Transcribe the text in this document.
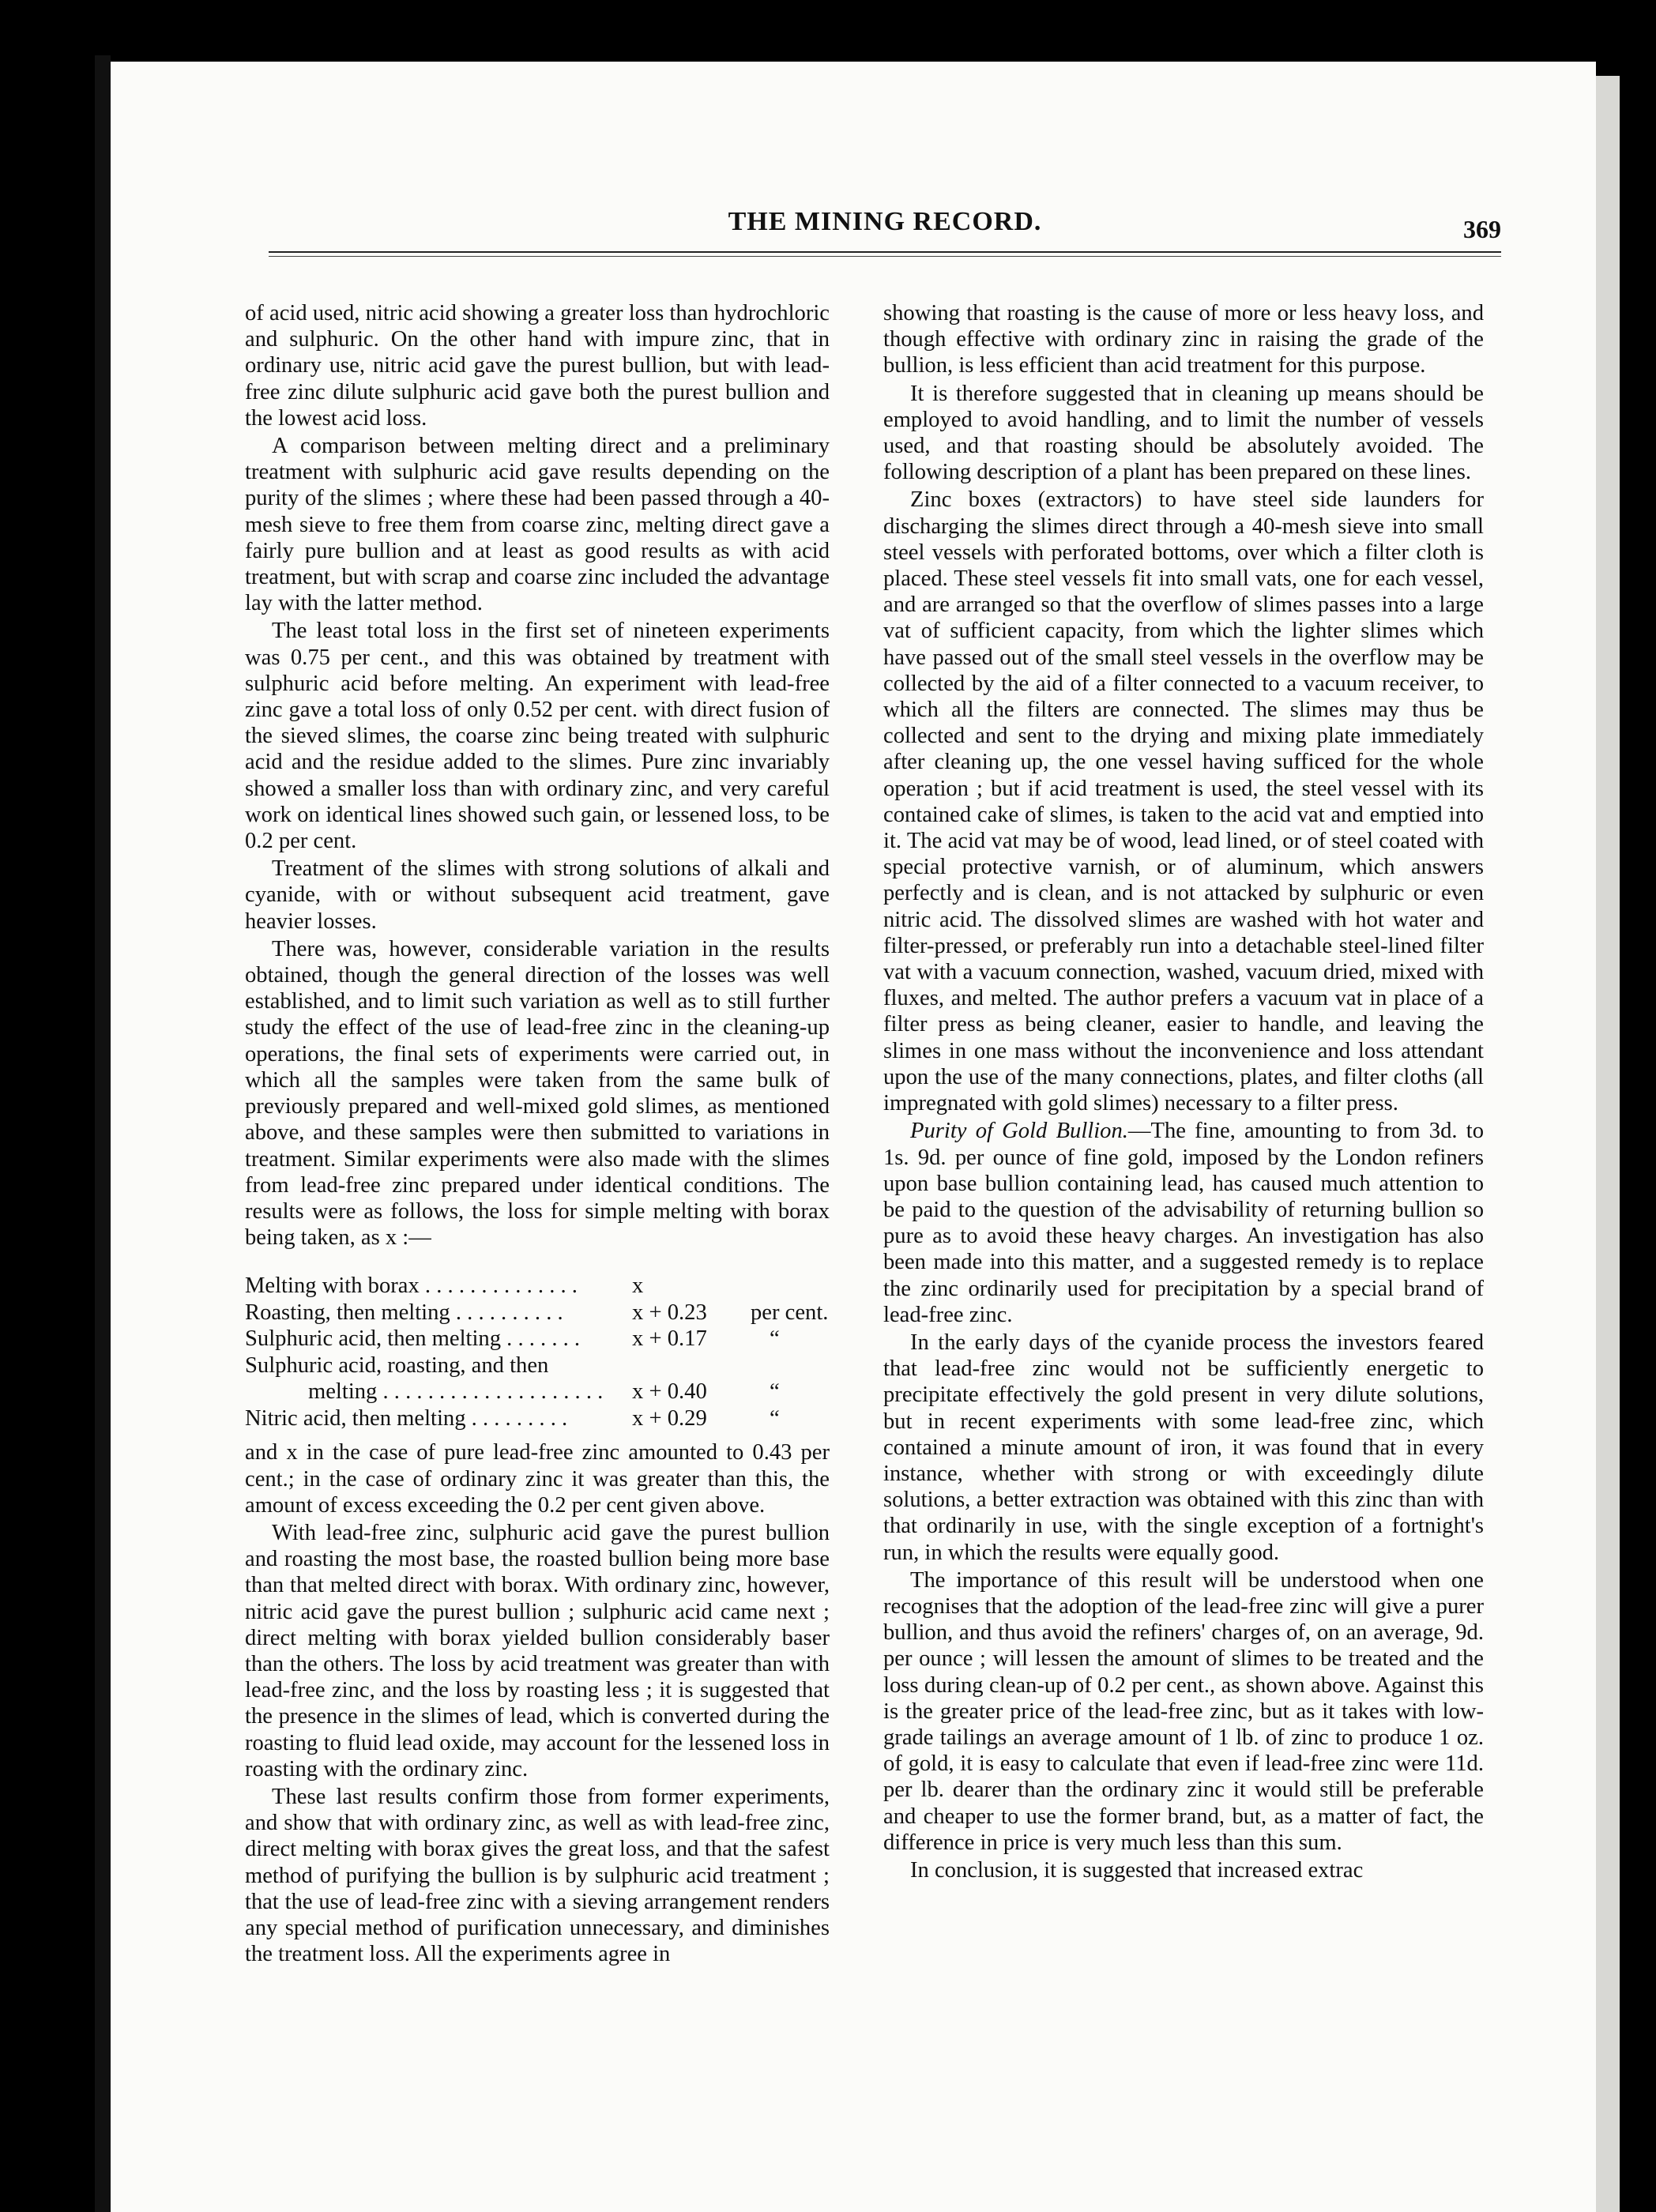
THE MINING RECORD.	369

of acid used, nitric acid showing a greater loss than hydrochloric and sulphuric. On the other hand with impure zinc, that in ordinary use, nitric acid gave the purest bullion, but with lead-free zinc dilute sulphuric acid gave both the purest bullion and the lowest acid loss.

A comparison between melting direct and a preliminary treatment with sulphuric acid gave results depending on the purity of the slimes ; where these had been passed through a 40-mesh sieve to free them from coarse zinc, melting direct gave a fairly pure bullion and at least as good results as with acid treatment, but with scrap and coarse zinc included the advantage lay with the latter method.

The least total loss in the first set of nineteen experiments was 0.75 per cent., and this was obtained by treatment with sulphuric acid before melting. An experiment with lead-free zinc gave a total loss of only 0.52 per cent. with direct fusion of the sieved slimes, the coarse zinc being treated with sulphuric acid and the residue added to the slimes. Pure zinc invariably showed a smaller loss than with ordinary zinc, and very careful work on identical lines showed such gain, or lessened loss, to be 0.2 per cent.

Treatment of the slimes with strong solutions of alkali and cyanide, with or without subsequent acid treatment, gave heavier losses.

There was, however, considerable variation in the results obtained, though the general direction of the losses was well established, and to limit such variation as well as to still further study the effect of the use of lead-free zinc in the cleaning-up operations, the final sets of experiments were carried out, in which all the samples were taken from the same bulk of previously prepared and well-mixed gold slimes, as mentioned above, and these samples were then submitted to variations in treatment. Similar experiments were also made with the slimes from lead-free zinc prepared under identical conditions. The results were as follows, the loss for simple melting with borax being taken, as x :—

Melting with borax . . . . . . . . . . . . . . x
Roasting, then melting . . . . . . . . . .	x + 0.23 per cent.
Sulphuric acid, then melting . . . . . . . x + 0.17	“
Sulphuric acid, roasting, and then
melting . . . . . . . . . . . . . . . . . . . . x + 0.40	“
Nitric acid, then melting . . . . . . . . .	x + 0.29	“

and x in the case of pure lead-free zinc amounted to 0.43 per cent.; in the case of ordinary zinc it was greater than this, the amount of excess exceeding the 0.2 per cent given above.

With lead-free zinc, sulphuric acid gave the purest bullion and roasting the most base, the roasted bullion being more base than that melted direct with borax. With ordinary zinc, however, nitric acid gave the purest bullion ; sulphuric acid came next ; direct melting with borax yielded bullion considerably baser than the others. The loss by acid treatment was greater than with lead-free zinc, and the loss by roasting less ; it is suggested that the presence in the slimes of lead, which is converted during the roasting to fluid lead oxide, may account for the lessened loss in roasting with the ordinary zinc.

These last results confirm those from former experiments, and show that with ordinary zinc, as well as with lead-free zinc, direct melting with borax gives the great loss, and that the safest method of purifying the bullion is by sulphuric acid treatment ; that the use of lead-free zinc with a sieving arrangement renders any special method of purification unnecessary, and diminishes the treatment loss. All the experiments agree in

showing that roasting is the cause of more or less heavy loss, and though effective with ordinary zinc in raising the grade of the bullion, is less efficient than acid treatment for this purpose.

It is therefore suggested that in cleaning up means should be employed to avoid handling, and to limit the number of vessels used, and that roasting should be absolutely avoided. The following description of a plant has been prepared on these lines.

Zinc boxes (extractors) to have steel side launders for discharging the slimes direct through a 40-mesh sieve into small steel vessels with perforated bottoms, over which a filter cloth is placed. These steel vessels fit into small vats, one for each vessel, and are arranged so that the overflow of slimes passes into a large vat of sufficient capacity, from which the lighter slimes which have passed out of the small steel vessels in the overflow may be collected by the aid of a filter connected to a vacuum receiver, to which all the filters are connected. The slimes may thus be collected and sent to the drying and mixing plate immediately after cleaning up, the one vessel having sufficed for the whole operation ; but if acid treatment is used, the steel vessel with its contained cake of slimes, is taken to the acid vat and emptied into it. The acid vat may be of wood, lead lined, or of steel coated with special protective varnish, or of aluminum, which answers perfectly and is clean, and is not attacked by sulphuric or even nitric acid. The dissolved slimes are washed with hot water and filter-pressed, or preferably run into a detachable steel-lined filter vat with a vacuum connection, washed, vacuum dried, mixed with fluxes, and melted. The author prefers a vacuum vat in place of a filter press as being cleaner, easier to handle, and leaving the slimes in one mass without the inconvenience and loss attendant upon the use of the many connections, plates, and filter cloths (all impregnated with gold slimes) necessary to a filter press.

Purity of Gold Bullion.—The fine, amounting to from 3d. to 1s. 9d. per ounce of fine gold, imposed by the London refiners upon base bullion containing lead, has caused much attention to be paid to the question of the advisability of returning bullion so pure as to avoid these heavy charges. An investigation has also been made into this matter, and a suggested remedy is to replace the zinc ordinarily used for precipitation by a special brand of lead-free zinc.

In the early days of the cyanide process the investors feared that lead-free zinc would not be sufficiently energetic to precipitate effectively the gold present in very dilute solutions, but in recent experiments with some lead-free zinc, which contained a minute amount of iron, it was found that in every instance, whether with strong or with exceedingly dilute solutions, a better extraction was obtained with this zinc than with that ordinarily in use, with the single exception of a fortnight's run, in which the results were equally good.

The importance of this result will be understood when one recognises that the adoption of the lead-free zinc will give a purer bullion, and thus avoid the refiners' charges of, on an average, 9d. per ounce ; will lessen the amount of slimes to be treated and the loss during clean-up of 0.2 per cent., as shown above. Against this is the greater price of the lead-free zinc, but as it takes with low-grade tailings an average amount of 1 lb. of zinc to produce 1 oz. of gold, it is easy to calculate that even if lead-free zinc were 11d. per lb. dearer than the ordinary zinc it would still be preferable and cheaper to use the former brand, but, as a matter of fact, the difference in price is very much less than this sum.

In conclusion, it is suggested that increased extrac
